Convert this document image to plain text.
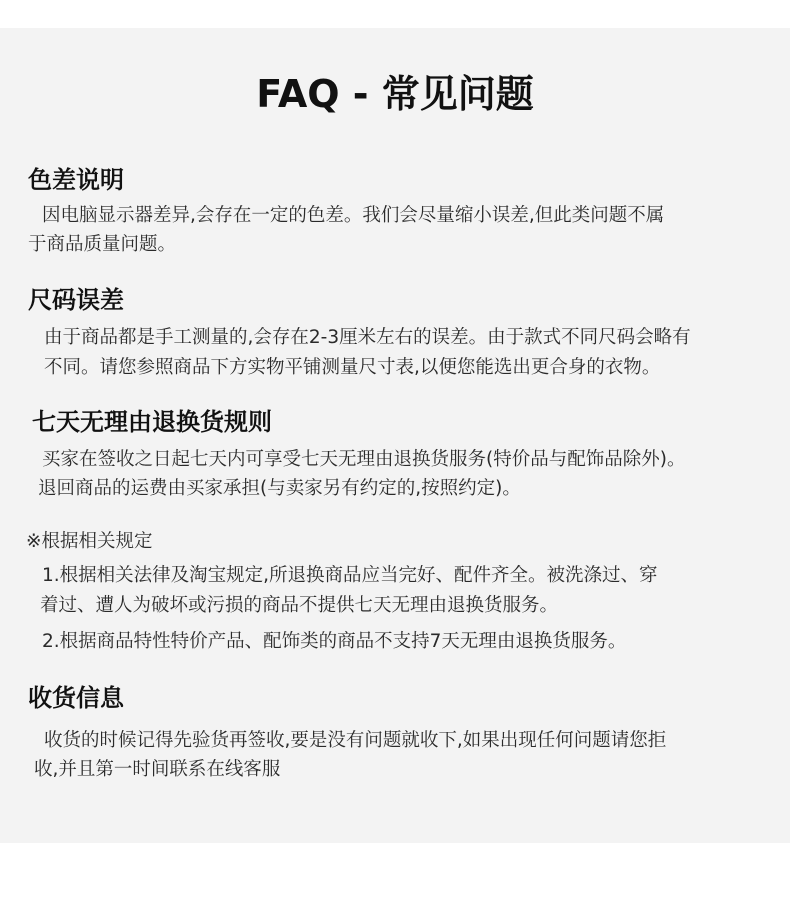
FAQ - 常见问题
色差说明
因电脑显示器差异,会存在一定的色差。我们会尽量缩小误差,但此类问题不属
于商品质量问题。
尺码误差
由于商品都是手工测量的,会存在2-3厘米左右的误差。由于款式不同尺码会略有
不同。请您参照商品下方实物平铺测量尺寸表,以便您能选出更合身的衣物。
七天无理由退换货规则
买家在签收之日起七天内可享受七天无理由退换货服务(特价品与配饰品除外)。
退回商品的运费由买家承担(与卖家另有约定的,按照约定)。
※根据相关规定
1.根据相关法律及淘宝规定,所退换商品应当完好、配件齐全。被洗涤过、穿
着过、遭人为破坏或污损的商品不提供七天无理由退换货服务。
2.根据商品特性特价产品、配饰类的商品不支持7天无理由退换货服务。
收货信息
收货的时候记得先验货再签收,要是没有问题就收下,如果出现任何问题请您拒
收,并且第一时间联系在线客服
